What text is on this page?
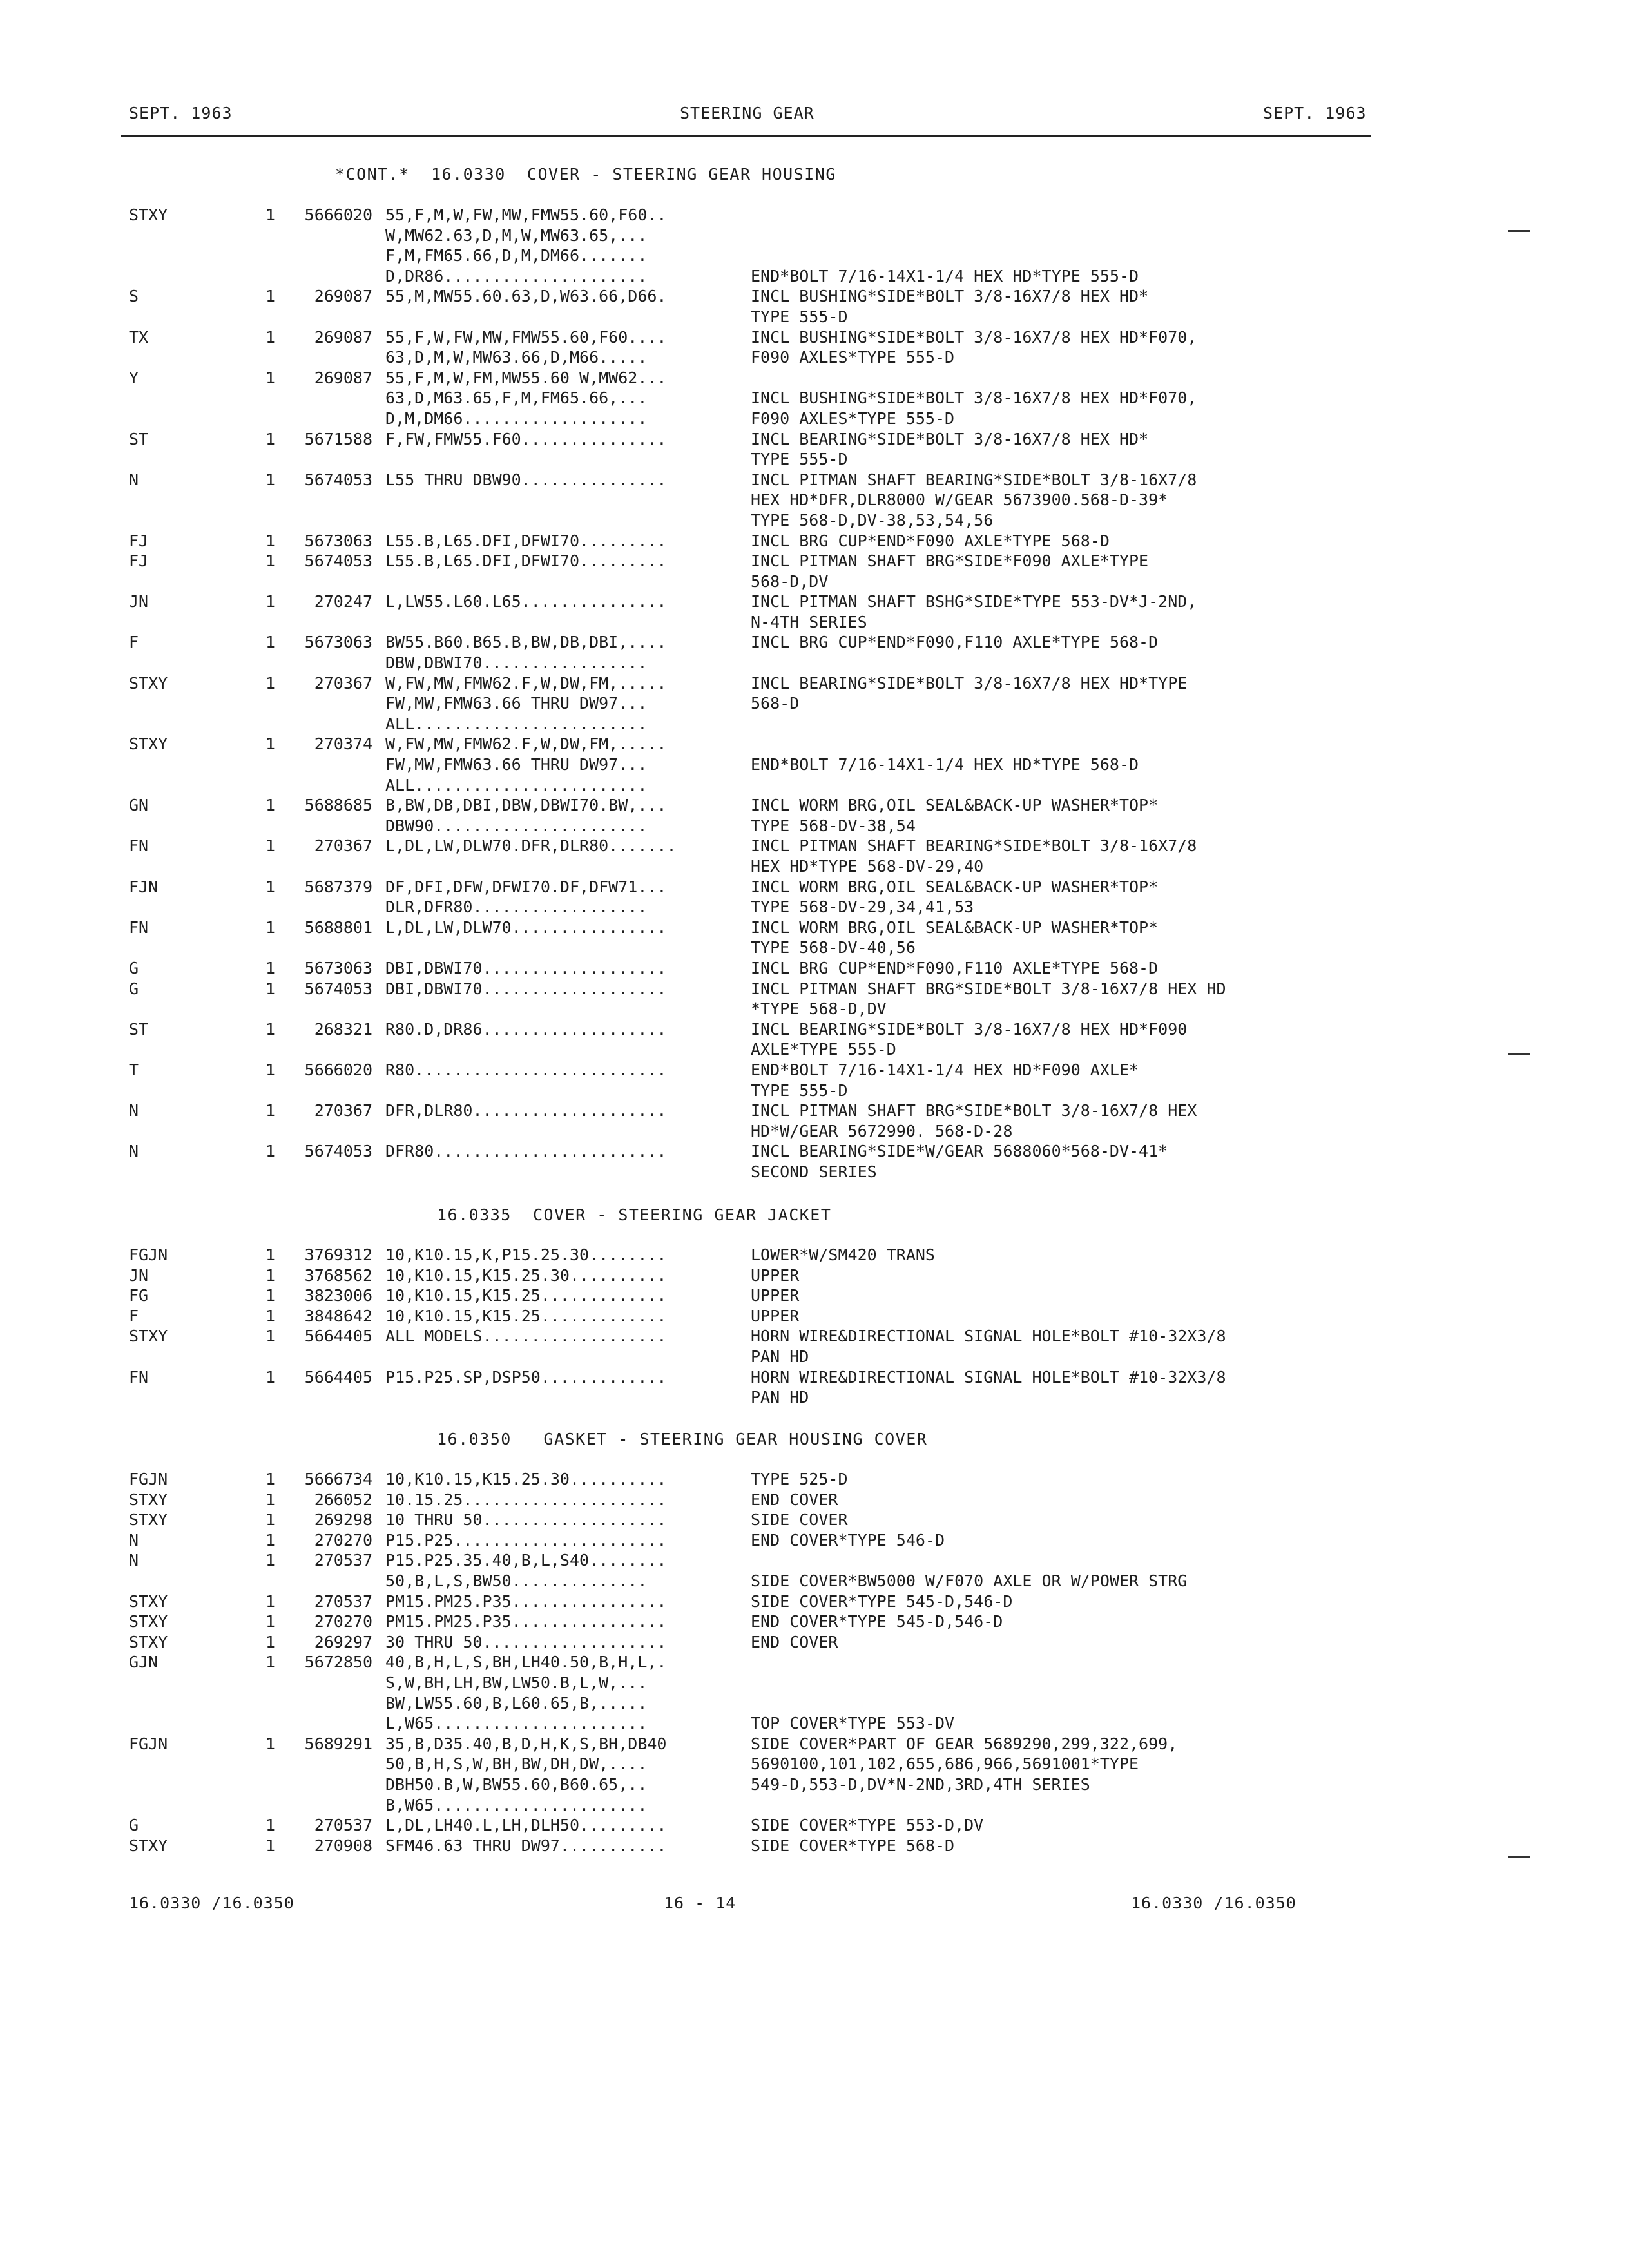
SEPT. 1963	STEERING GEAR	SEPT. 1963
*CONT.*  16.0330  COVER - STEERING GEAR HOUSING
STXY	1	5666020 55,F,M,W,FW,MW,FMW55.60,F60..
W,MW62.63,D,M,W,MW63.65,...
F,M,FM65.66,D,M,DM66.......
D,DR86.....................	END*BOLT 7/16-14X1-1/4 HEX HD*TYPE 555-D
S	1	269087 55,M,MW55.60.63,D,W63.66,D66.	INCL BUSHING*SIDE*BOLT 3/8-16X7/8 HEX HD*
TYPE 555-D
TX	1	269087 55,F,W,FW,MW,FMW55.60,F60....	INCL BUSHING*SIDE*BOLT 3/8-16X7/8 HEX HD*F070,
63,D,M,W,MW63.66,D,M66.....	F090 AXLES*TYPE 555-D
Y	1	269087 55,F,M,W,FM,MW55.60 W,MW62...
63,D,M63.65,F,M,FM65.66,...	INCL BUSHING*SIDE*BOLT 3/8-16X7/8 HEX HD*F070,
D,M,DM66...................	F090 AXLES*TYPE 555-D
ST	1	5671588 F,FW,FMW55.F60...............	INCL BEARING*SIDE*BOLT 3/8-16X7/8 HEX HD*
TYPE 555-D
N	1	5674053 L55 THRU DBW90...............	INCL PITMAN SHAFT BEARING*SIDE*BOLT 3/8-16X7/8
HEX HD*DFR,DLR8000 W/GEAR 5673900.568-D-39*
TYPE 568-D,DV-38,53,54,56
FJ	1	5673063 L55.B,L65.DFI,DFWI70.........	INCL BRG CUP*END*F090 AXLE*TYPE 568-D
FJ	1	5674053 L55.B,L65.DFI,DFWI70.........	INCL PITMAN SHAFT BRG*SIDE*F090 AXLE*TYPE
568-D,DV
JN	1	270247 L,LW55.L60.L65...............	INCL PITMAN SHAFT BSHG*SIDE*TYPE 553-DV*J-2ND,
N-4TH SERIES
F	1	5673063 BW55.B60.B65.B,BW,DB,DBI,....	INCL BRG CUP*END*F090,F110 AXLE*TYPE 568-D
DBW,DBWI70.................
STXY	1	270367 W,FW,MW,FMW62.F,W,DW,FM,.....	INCL BEARING*SIDE*BOLT 3/8-16X7/8 HEX HD*TYPE
FW,MW,FMW63.66 THRU DW97...	568-D
ALL........................
STXY	1	270374 W,FW,MW,FMW62.F,W,DW,FM,.....
FW,MW,FMW63.66 THRU DW97...	END*BOLT 7/16-14X1-1/4 HEX HD*TYPE 568-D
ALL........................
GN	1	5688685 B,BW,DB,DBI,DBW,DBWI70.BW,...	INCL WORM BRG,OIL SEAL&BACK-UP WASHER*TOP*
DBW90......................	TYPE 568-DV-38,54
FN	1	270367 L,DL,LW,DLW70.DFR,DLR80.......	INCL PITMAN SHAFT BEARING*SIDE*BOLT 3/8-16X7/8
HEX HD*TYPE 568-DV-29,40
FJN	1	5687379 DF,DFI,DFW,DFWI70.DF,DFW71...	INCL WORM BRG,OIL SEAL&BACK-UP WASHER*TOP*
DLR,DFR80..................	TYPE 568-DV-29,34,41,53
FN	1	5688801 L,DL,LW,DLW70................	INCL WORM BRG,OIL SEAL&BACK-UP WASHER*TOP*
TYPE 568-DV-40,56
G	1	5673063 DBI,DBWI70...................	INCL BRG CUP*END*F090,F110 AXLE*TYPE 568-D
G	1	5674053 DBI,DBWI70...................	INCL PITMAN SHAFT BRG*SIDE*BOLT 3/8-16X7/8 HEX HD
*TYPE 568-D,DV
ST	1	268321 R80.D,DR86...................	INCL BEARING*SIDE*BOLT 3/8-16X7/8 HEX HD*F090
AXLE*TYPE 555-D
T	1	5666020 R80..........................	END*BOLT 7/16-14X1-1/4 HEX HD*F090 AXLE*
TYPE 555-D
N	1	270367 DFR,DLR80....................	INCL PITMAN SHAFT BRG*SIDE*BOLT 3/8-16X7/8 HEX
HD*W/GEAR 5672990. 568-D-28
N	1	5674053 DFR80........................	INCL BEARING*SIDE*W/GEAR 5688060*568-DV-41*
SECOND SERIES
16.0335  COVER - STEERING GEAR JACKET
FGJN	1	3769312 10,K10.15,K,P15.25.30........	LOWER*W/SM420 TRANS
JN	1	3768562 10,K10.15,K15.25.30..........	UPPER
FG	1	3823006 10,K10.15,K15.25.............	UPPER
F	1	3848642 10,K10.15,K15.25.............	UPPER
STXY	1	5664405 ALL MODELS...................	HORN WIRE&DIRECTIONAL SIGNAL HOLE*BOLT #10-32X3/8
PAN HD
FN	1	5664405 P15.P25.SP,DSP50.............	HORN WIRE&DIRECTIONAL SIGNAL HOLE*BOLT #10-32X3/8
PAN HD
16.0350   GASKET - STEERING GEAR HOUSING COVER
FGJN	1	5666734 10,K10.15,K15.25.30..........	TYPE 525-D
STXY	1	266052 10.15.25.....................	END COVER
STXY	1	269298 10 THRU 50...................	SIDE COVER
N	1	270270 P15.P25......................	END COVER*TYPE 546-D
N	1	270537 P15.P25.35.40,B,L,S40........
50,B,L,S,BW50..............	SIDE COVER*BW5000 W/F070 AXLE OR W/POWER STRG
STXY	1	270537 PM15.PM25.P35................	SIDE COVER*TYPE 545-D,546-D
STXY	1	270270 PM15.PM25.P35................	END COVER*TYPE 545-D,546-D
STXY	1	269297 30 THRU 50...................	END COVER
GJN	1	5672850 40,B,H,L,S,BH,LH40.50,B,H,L,.
S,W,BH,LH,BW,LW50.B,L,W,...
BW,LW55.60,B,L60.65,B,.....
L,W65......................	TOP COVER*TYPE 553-DV
FGJN	1	5689291 35,B,D35.40,B,D,H,K,S,BH,DB40	SIDE COVER*PART OF GEAR 5689290,299,322,699,
50,B,H,S,W,BH,BW,DH,DW,....	5690100,101,102,655,686,966,5691001*TYPE
DBH50.B,W,BW55.60,B60.65,..	549-D,553-D,DV*N-2ND,3RD,4TH SERIES
B,W65......................
G	1	270537 L,DL,LH40.L,LH,DLH50.........	SIDE COVER*TYPE 553-D,DV
STXY	1	270908 SFM46.63 THRU DW97...........	SIDE COVER*TYPE 568-D
16.0330 /16.0350	16 - 14	16.0330 /16.0350
